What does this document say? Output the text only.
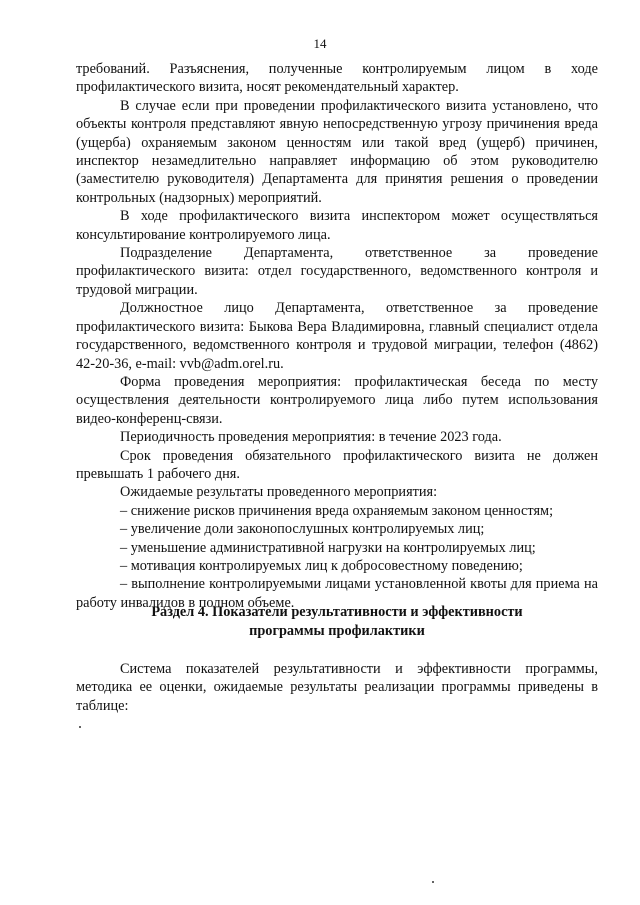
14

требований. Разъяснения, полученные контролируемым лицом в ходе профилактического визита, носят рекомендательный характер.

В случае если при проведении профилактического визита установлено, что объекты контроля представляют явную непосредственную угрозу причинения вреда (ущерба) охраняемым законом ценностям или такой вред (ущерб) причинен, инспектор незамедлительно направляет информацию об этом руководителю (заместителю руководителя) Департамента для принятия решения о проведении контрольных (надзорных) мероприятий.

В ходе профилактического визита инспектором может осуществляться консультирование контролируемого лица.

Подразделение Департамента, ответственное за проведение профилактического визита: отдел государственного, ведомственного контроля и трудовой миграции.

Должностное лицо Департамента, ответственное за проведение профилактического визита: Быкова Вера Владимировна, главный специалист отдела государственного, ведомственного контроля и трудовой миграции, телефон (4862) 42-20-36, e-mail: vvb@adm.orel.ru.

Форма проведения мероприятия: профилактическая беседа по месту осуществления деятельности контролируемого лица либо путем использования видео-конференц-связи.

Периодичность проведения мероприятия: в течение 2023 года.

Срок проведения обязательного профилактического визита не должен превышать 1 рабочего дня.

Ожидаемые результаты проведенного мероприятия:

– снижение рисков причинения вреда охраняемым законом ценностям;

– увеличение доли законопослушных контролируемых лиц;

– уменьшение административной нагрузки на контролируемых лиц;

– мотивация контролируемых лиц к добросовестному поведению;

– выполнение контролируемыми лицами установленной квоты для приема на работу инвалидов в полном объеме.

Раздел 4. Показатели результативности и эффективности
программы профилактики

Система показателей результативности и эффективности программы, методика ее оценки, ожидаемые результаты реализации программы приведены в таблице:
